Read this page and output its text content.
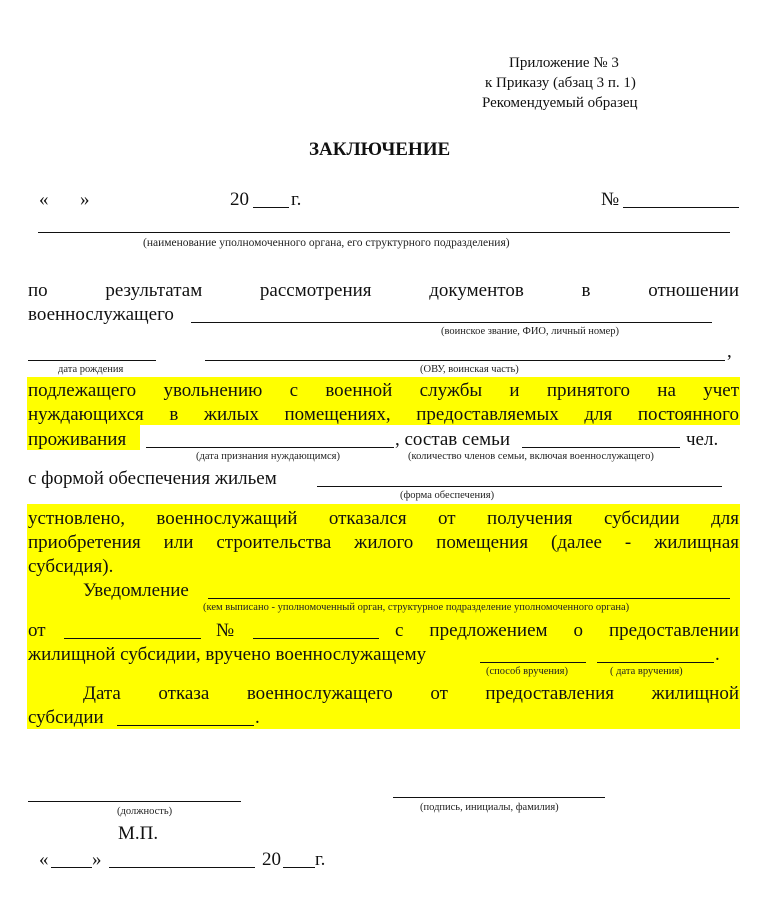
Приложение № 3
к Приказу (абзац 3 п. 1)
Рекомендуемый образец
ЗАКЛЮЧЕНИЕ
« »	20 г.	№
(наименование уполномоченного органа, его структурного подразделения)
по результатам рассмотрения документов в отношении
военнослужащего
(воинское звание, ФИО, личный номер)
,
дата рождения	(ОВУ, воинская часть)
подлежащего увольнению с военной службы и принятого на учет
нуждающихся в жилых помещениях, предоставляемых для постоянного
проживания	, состав семьи	чел.
(дата признания нуждающимся)	(количество членов семьи, включая военнослужащего)
с формой обеспечения жильем
(форма обеспечения)
устновлено, военнослужащий отказался от получения субсидии для
приобретения или строительства жилого помещения (далее - жилищная
субсидия).
Уведомление
(кем выписано - уполномоченный орган, структурное подразделение уполномоченного органа)
от	№	с предложением о предоставлении
жилищной субсидии, вручено военнослужащему	.
(способ вручения)	( дата вручения)
Дата отказа военнослужащего от предоставления жилищной
субсидии	.
(должность)	(подпись, инициалы, фамилия)
М.П.
« »	20 г.
